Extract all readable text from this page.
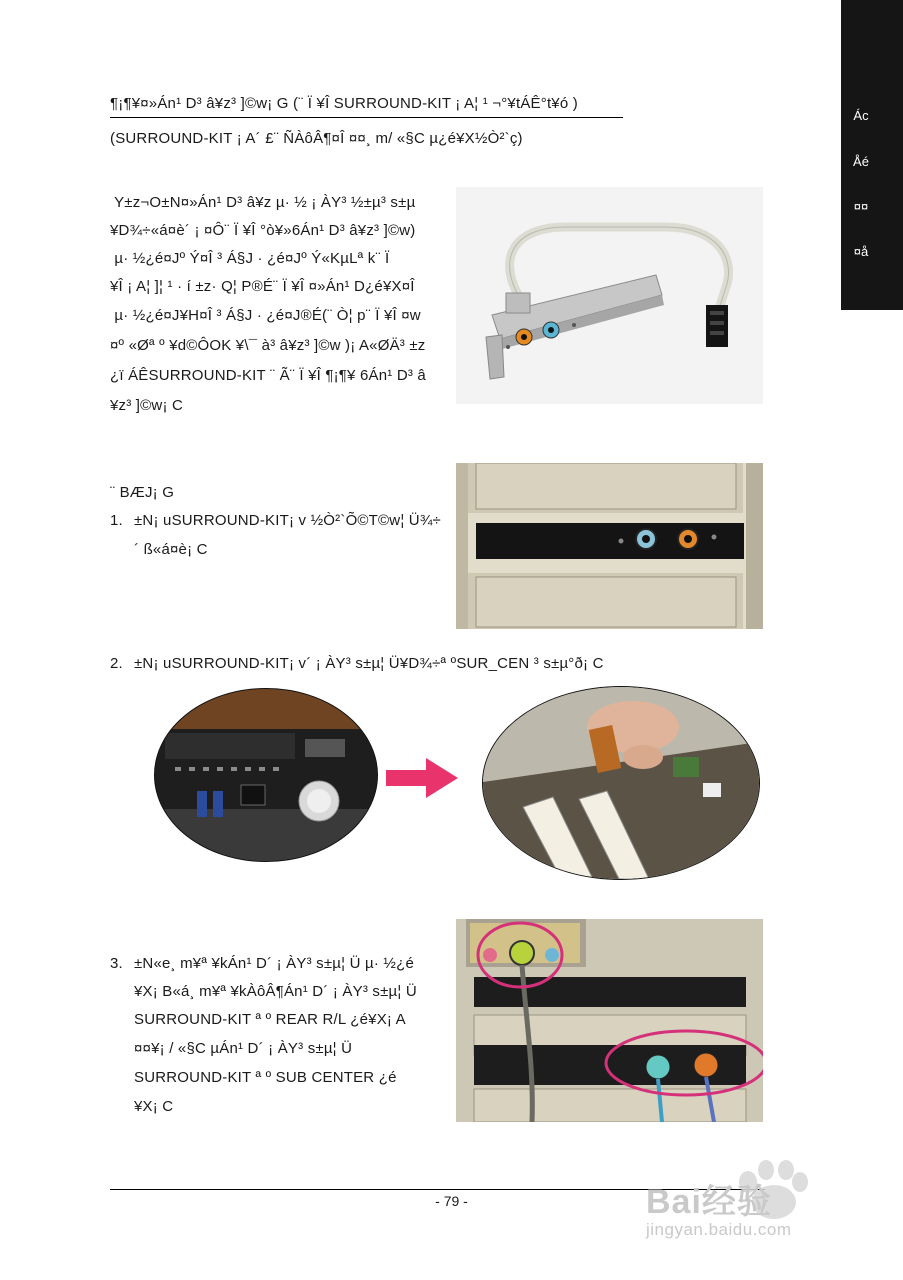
Ác
Åé
¤¤
¤å
¶¡¶¥¤»Án¹ D³ â¥z³ ]©w¡ G (¨ Ï ¥Î SURROUND-KIT ¡ A¦ ¹ ¬°¥tÁÊ°t¥ó )
(SURROUND-KIT ¡ A´ £¨ ÑÀôÂ¶¤Î ¤¤¸ m/ «§C µ¿é¥X½Ò²`ç)
Y±z¬O±N¤»Án¹ D³ â¥z µ· ½ ¡ ÀY³ ½±µ³ s±µ
¥D¾÷«á¤è´ ¡ ¤Ô¨ Ï ¥Î °ò¥»6Án¹ D³ â¥z³ ]©w)
µ· ½¿é¤Jº Ý¤Î ³ Á§J · ¿é¤Jº Ý«KµLª k¨ Ï
¥Î ¡ A¦ ]¦ ¹ · í ±z· Q¦ P®É¨ Ï ¥Î ¤»Án¹ D¿é¥X¤Î
µ· ½¿é¤J¥H¤Î ³ Á§J · ¿é¤J®É(¨ Ò¦ p¨ Ï ¥Î ¤w
¤º «Øª º ¥d©ÔOK ¥\¯ à³ â¥z³ ]©w )¡ A«ØÄ³ ±z
¿ï ÁÊSURROUND-KIT ¨ Ã¨ Ï ¥Î ¶¡¶¥ 6Án¹ D³ â
¥z³ ]©w¡ C
¨ BÆJ¡ G
1. ±N¡ uSURROUND-KIT¡ v ½Ò²`Õ©T©w¦ Ü¾÷
´ ß«á¤è¡ C
2. ±N¡ uSURROUND-KIT¡ v´ ¡ ÀY³ s±µ¦ Ü¥D¾÷ª ºSUR_CEN ³ s±µ°ð¡ C
3. ±N«e¸ m¥ª ¥kÁn¹ D´ ¡ ÀY³ s±µ¦ Ü µ· ½¿é
¥X¡ B«á¸ m¥ª ¥kÀôÂ¶Án¹ D´ ¡ ÀY³ s±µ¦ Ü
SURROUND-KIT ª º REAR R/L ¿é¥X¡ A
¤¤¥¡ / «§C µÁn¹ D´ ¡ ÀY³ s±µ¦ Ü
SURROUND-KIT ª º SUB CENTER ¿é
¥X¡ C
- 79 -	Bai经验
jingyan.baidu.com
